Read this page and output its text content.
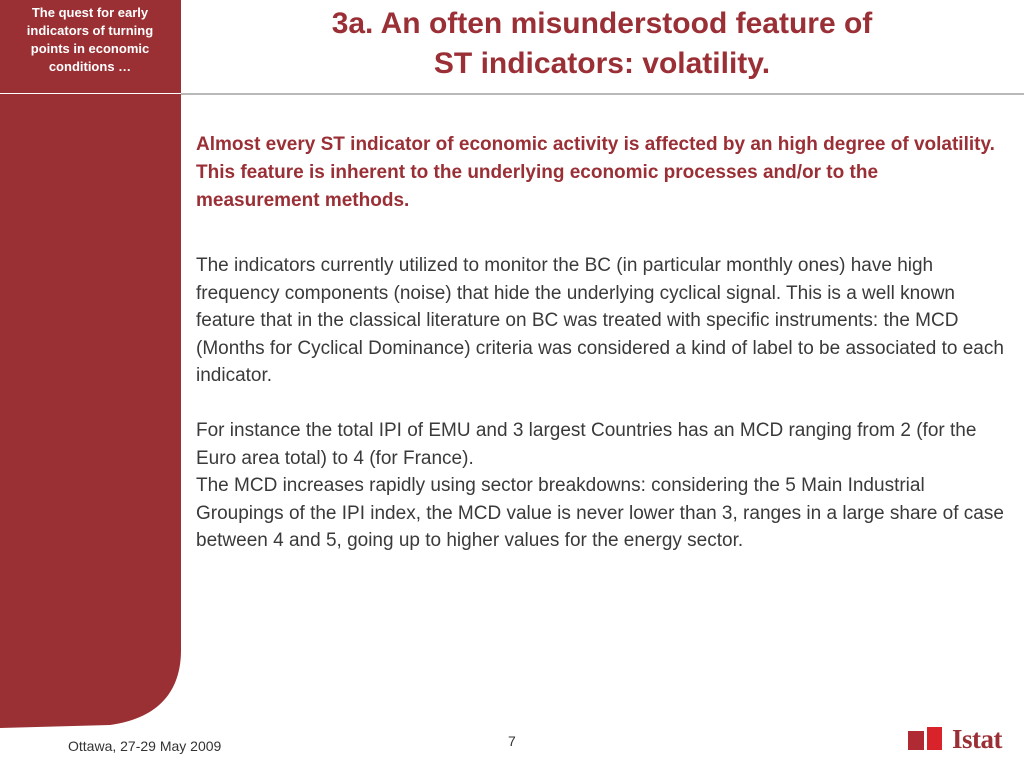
The quest for early indicators of turning points in economic conditions …
3a. An often misunderstood feature of
ST indicators: volatility.

Almost every ST indicator of economic activity is affected by an high degree of volatility. This feature is inherent to the underlying economic processes and/or to the measurement methods.

The indicators currently utilized to monitor the BC (in particular monthly ones) have high frequency components (noise) that hide the underlying cyclical signal. This is a well known feature that in the classical literature on BC was treated with specific instruments: the MCD (Months for Cyclical Dominance) criteria was considered a kind of label to be associated to each indicator.

For instance the total IPI of EMU and 3 largest Countries has an MCD ranging from 2 (for the Euro area total) to 4 (for France).

The MCD increases rapidly using sector breakdowns: considering the 5 Main Industrial Groupings of the IPI index, the MCD value is never lower than 3, ranges in a large share of case between 4 and 5, going up to higher values for the energy sector.

Ottawa, 27-29 May 2009	7	Istat
